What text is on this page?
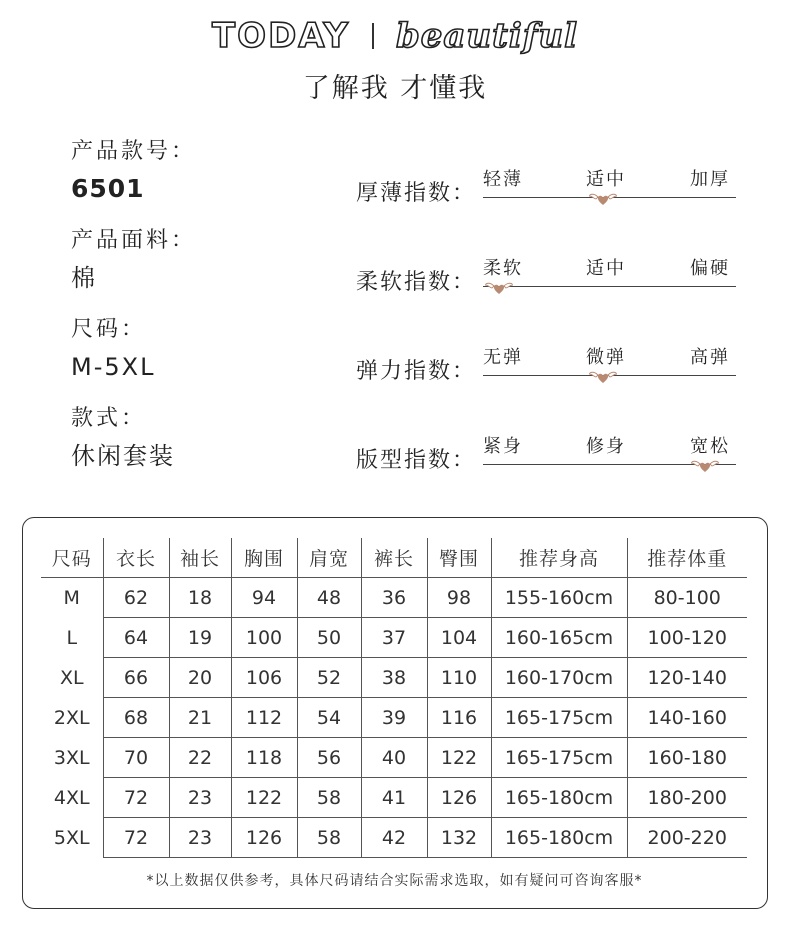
TODAY beautiful
了解我 才懂我
产品款号：
6501
产品面料：
棉
尺码：
M-5XL
款式：
休闲套装
厚薄指数：
轻薄	适中	加厚
柔软指数：
柔软	适中	偏硬
弹力指数：
无弹	微弹	高弹
版型指数：
紧身	修身	宽松
尺码	衣长	袖长	胸围	肩宽	裤长	臀围	推荐身高	推荐体重
M	62	18	94	48	36	98	155-160cm	80-100
L	64	19	100	50	37	104	160-165cm	100-120
XL	66	20	106	52	38	110	160-170cm	120-140
2XL	68	21	112	54	39	116	165-175cm	140-160
3XL	70	22	118	56	40	122	165-175cm	160-180
4XL	72	23	122	58	41	126	165-180cm	180-200
5XL	72	23	126	58	42	132	165-180cm	200-220
*以上数据仅供参考，具体尺码请结合实际需求选取，如有疑问可咨询客服*
